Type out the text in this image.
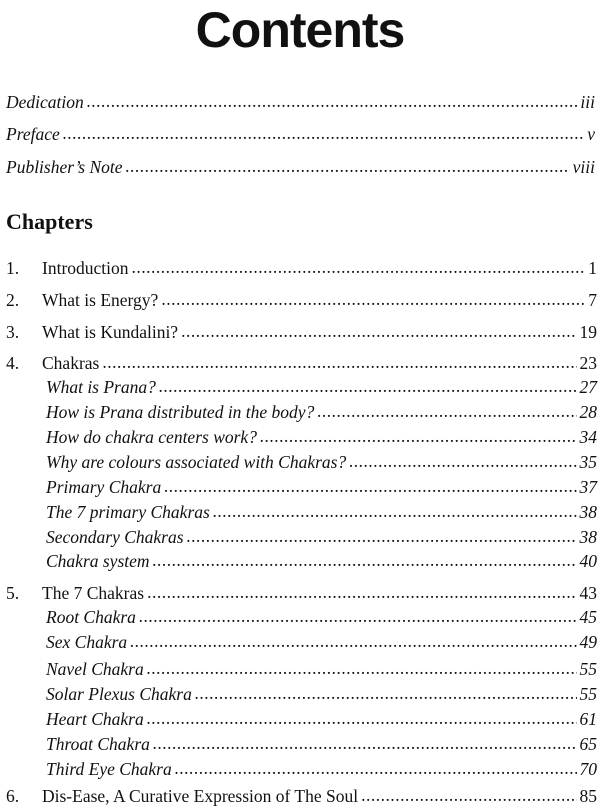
Contents
Dedication .....	iii
Preface .....	v
Publisher’s Note .....	viii
Chapters
1. Introduction .....	1
2. What is Energy? .....	7
3. What is Kundalini? .....	19
4. Chakras .....	23
What is Prana? .....	27
How is Prana distributed in the body? .....	28
How do chakra centers work? .....	34
Why are colours associated with Chakras? .....	35
Primary Chakra .....	37
The 7 primary Chakras .....	38
Secondary Chakras .....	38
Chakra system .....	40
5. The 7 Chakras .....	43
Root Chakra .....	45
Sex Chakra .....	49
Navel Chakra .....	55
Solar Plexus Chakra .....	55
Heart Chakra .....	61
Throat Chakra .....	65
Third Eye Chakra .....	70
6. Dis-Ease, A Curative Expression of The Soul .....	85
